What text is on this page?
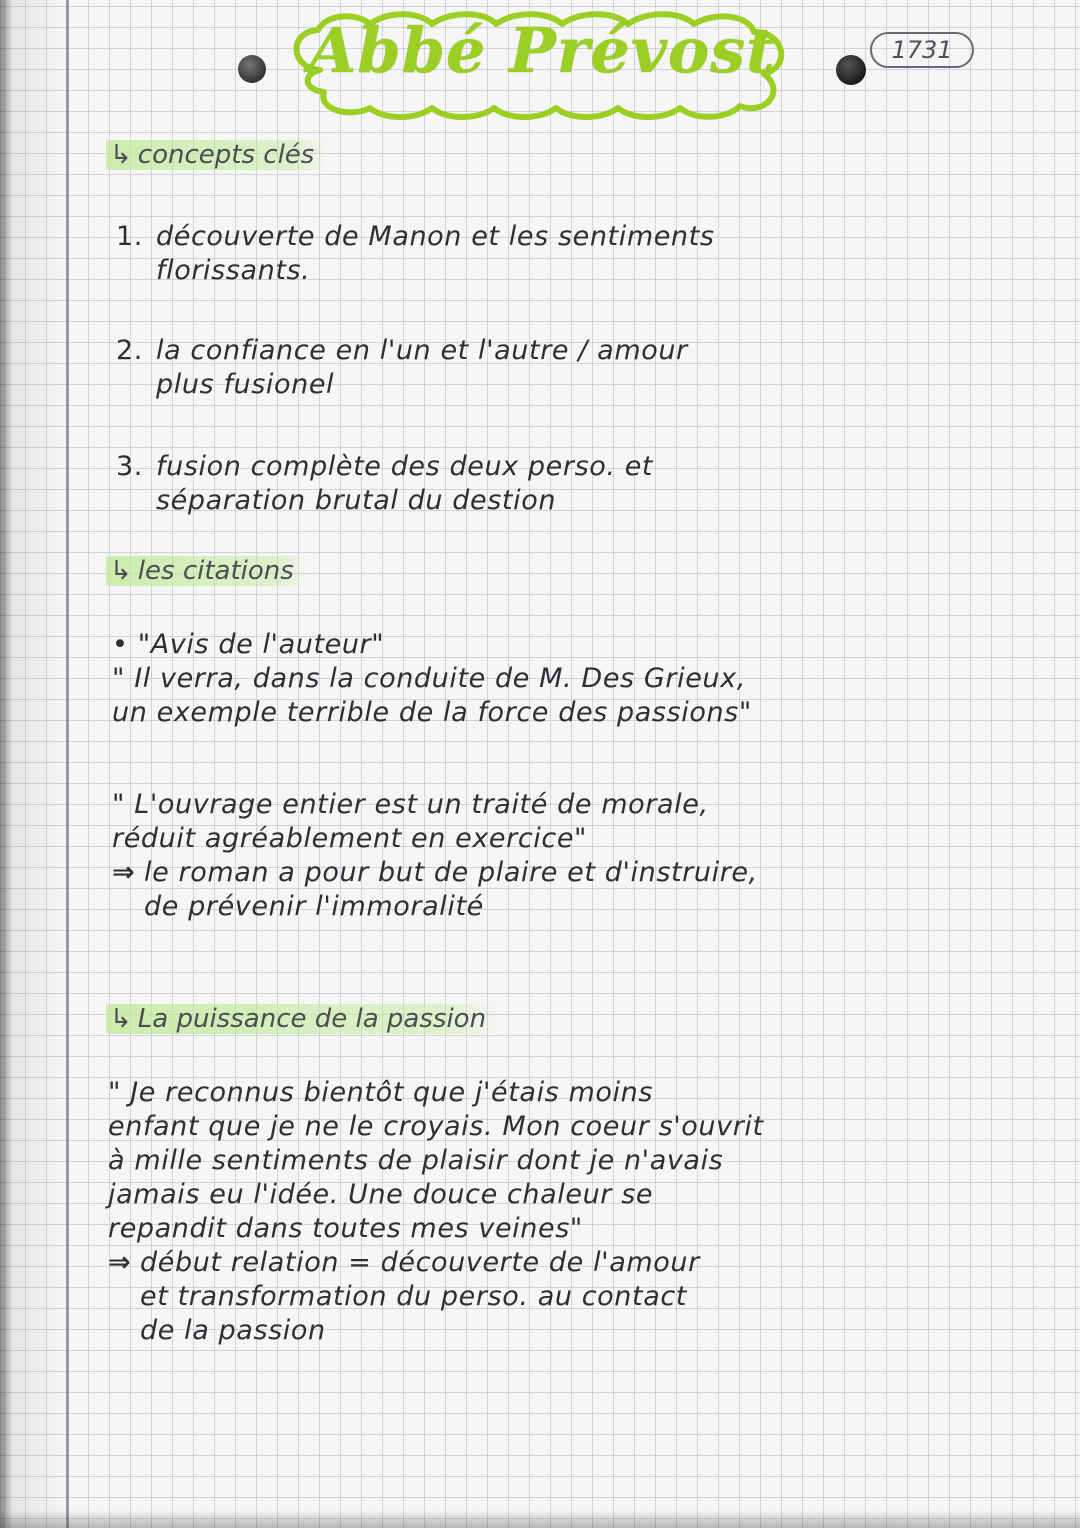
Abbé Prévost	1731
↳ concepts clés
1. découverte de Manon et les sentiments
florissants.
2. la confiance en l'un et l'autre / amour
plus fusionel
3. fusion complète des deux perso. et
séparation brutal du destion
↳ les citations
• "Avis de l'auteur"
" Il verra, dans la conduite de M. Des Grieux,
un exemple terrible de la force des passions"
" L'ouvrage entier est un traité de morale,
réduit agréablement en exercice"
⇒ le roman a pour but de plaire et d'instruire,
de prévenir l'immoralité
↳ La puissance de la passion
" Je reconnus bientôt que j'étais moins
enfant que je ne le croyais. Mon coeur s'ouvrit
à mille sentiments de plaisir dont je n'avais
jamais eu l'idée. Une douce chaleur se
repandit dans toutes mes veines"
⇒ début relation = découverte de l'amour
et transformation du perso. au contact
de la passion
